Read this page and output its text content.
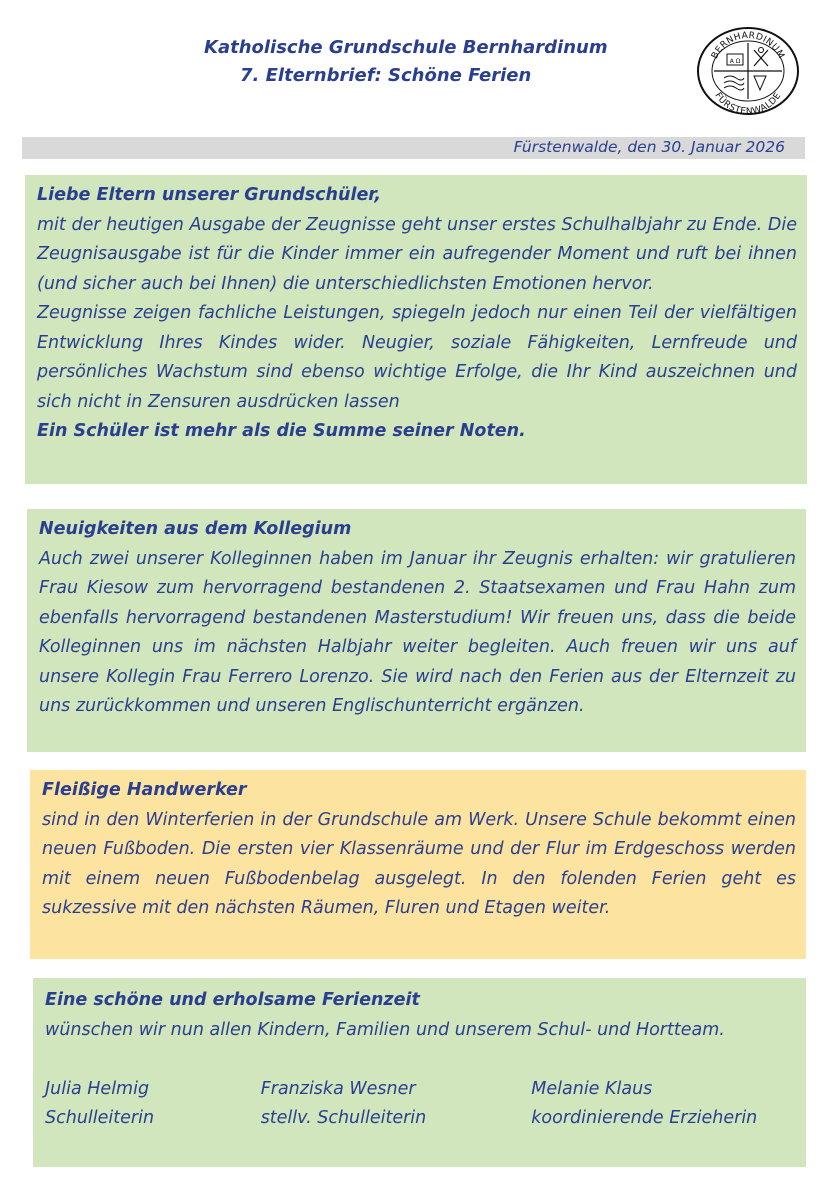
Katholische Grundschule Bernhardinum
7. Elternbrief: Schöne Ferien
BERNHARDINUM
FÜRSTENWALDE
A Ω
Fürstenwalde, den 30. Januar 2026
Liebe Eltern unserer Grundschüler,

mit der heutigen Ausgabe der Zeugnisse geht unser erstes Schulhalbjahr zu Ende. Die Zeugnisausgabe ist für die Kinder immer ein aufregender Moment und ruft bei ihnen (und sicher auch bei Ihnen) die unterschiedlichsten Emotionen hervor.

Zeugnisse zeigen fachliche Leistungen, spiegeln jedoch nur einen Teil der vielfältigen Entwicklung Ihres Kindes wider. Neugier, soziale Fähigkeiten, Lernfreude und persönliches Wachstum sind ebenso wichtige Erfolge, die Ihr Kind auszeichnen und sich nicht in Zensuren ausdrücken lassen

Ein Schüler ist mehr als die Summe seiner Noten.

Neuigkeiten aus dem Kollegium

Auch zwei unserer Kolleginnen haben im Januar ihr Zeugnis erhalten: wir gratulieren Frau Kiesow zum hervorragend bestandenen 2. Staatsexamen und Frau Hahn zum ebenfalls hervorragend bestandenen Masterstudium! Wir freuen uns, dass die beide Kolleginnen uns im nächsten Halbjahr weiter begleiten. Auch freuen wir uns auf unsere Kollegin Frau Ferrero Lorenzo. Sie wird nach den Ferien aus der Elternzeit zu uns zurückkommen und unseren Englischunterricht ergänzen.

Fleißige Handwerker

sind in den Winterferien in der Grundschule am Werk. Unsere Schule bekommt einen neuen Fußboden. Die ersten vier Klassenräume und der Flur im Erdgeschoss werden mit einem neuen Fußbodenbelag ausgelegt. In den folenden Ferien geht es sukzessive mit den nächsten Räumen, Fluren und Etagen weiter.

Eine schöne und erholsame Ferienzeit
wünschen wir nun allen Kindern, Familien und unserem Schul- und Hortteam.
Julia Helmig
Schulleiterin
Franziska Wesner
stellv. Schulleiterin
Melanie Klaus
koordinierende Erzieherin
